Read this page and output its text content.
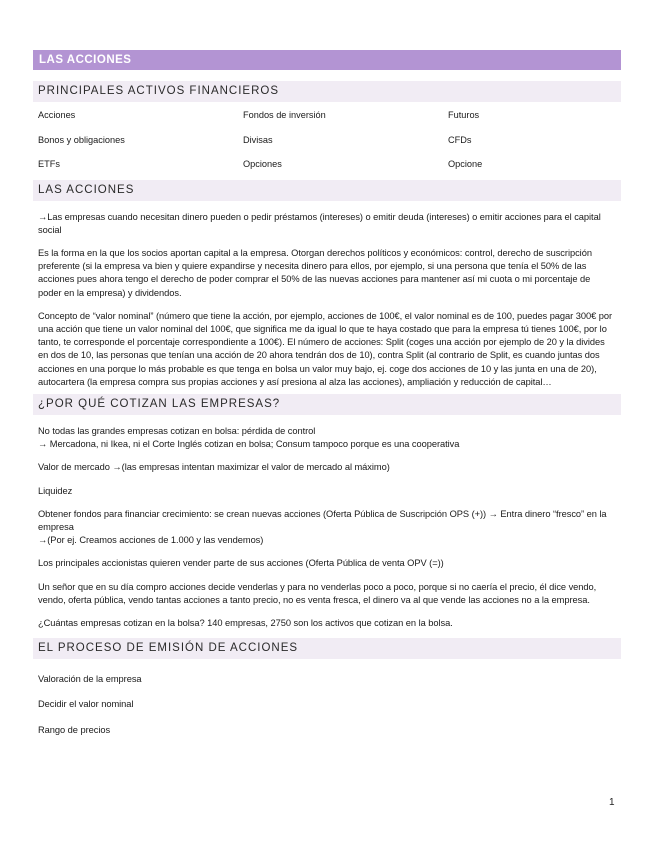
LAS ACCIONES
PRINCIPALES ACTIVOS FINANCIEROS
Acciones	Fondos de inversión	Futuros
Bonos y obligaciones	Divisas	CFDs
ETFs	Opciones	Opcione
LAS ACCIONES

→Las empresas cuando necesitan dinero pueden o pedir préstamos (intereses) o emitir deuda (intereses) o emitir acciones para el capital social

Es la forma en la que los socios aportan capital a la empresa. Otorgan derechos políticos y económicos: control, derecho de suscripción preferente (si la empresa va bien y quiere expandirse y necesita dinero para ellos, por ejemplo, si una persona que tenía el 50% de las acciones pues ahora tengo el derecho de poder comprar el 50% de las nuevas acciones para mantener así mi cuota o mi porcentaje de poder en la empresa) y dividendos.

Concepto de “valor nominal” (número que tiene la acción, por ejemplo, acciones de 100€, el valor nominal es de 100, puedes pagar 300€ por una acción que tiene un valor nominal del 100€, que significa me da igual lo que te haya costado que para la empresa tú tienes 100€, por lo tanto, te corresponde el porcentaje correspondiente a 100€). El número de acciones: Split (coges una acción por ejemplo de 20 y la divides en dos de 10, las personas que tenían una acción de 20 ahora tendrán dos de 10), contra Split (al contrario de Split, es cuando juntas dos acciones en una porque lo más probable es que tenga en bolsa un valor muy bajo, ej. coge dos acciones de 10 y las junta en una de 20), autocartera (la empresa compra sus propias acciones y así presiona al alza las acciones), ampliación y reducción de capital…

¿POR QUÉ COTIZAN LAS EMPRESAS?

No todas las grandes empresas cotizan en bolsa: pérdida de control

→ Mercadona, ni Ikea, ni el Corte Inglés cotizan en bolsa; Consum tampoco porque es una cooperativa

Valor de mercado →(las empresas intentan maximizar el valor de mercado al máximo)

Liquidez

Obtener fondos para financiar crecimiento: se crean nuevas acciones (Oferta Pública de Suscripción OPS (+)) → Entra dinero “fresco” en la empresa

→(Por ej. Creamos acciones de 1.000 y las vendemos)

Los principales accionistas quieren vender parte de sus acciones (Oferta Pública de venta OPV (=))

Un señor que en su día compro acciones decide venderlas y para no venderlas poco a poco, porque si no caería el precio, él dice vendo, vendo, oferta pública, vendo tantas acciones a tanto precio, no es venta fresca, el dinero va al que vende las acciones no a la empresa.

¿Cuántas empresas cotizan en la bolsa? 140 empresas, 2750 son los activos que cotizan en la bolsa.

EL PROCESO DE EMISIÓN DE ACCIONES

Valoración de la empresa

Decidir el valor nominal

Rango de precios

1
